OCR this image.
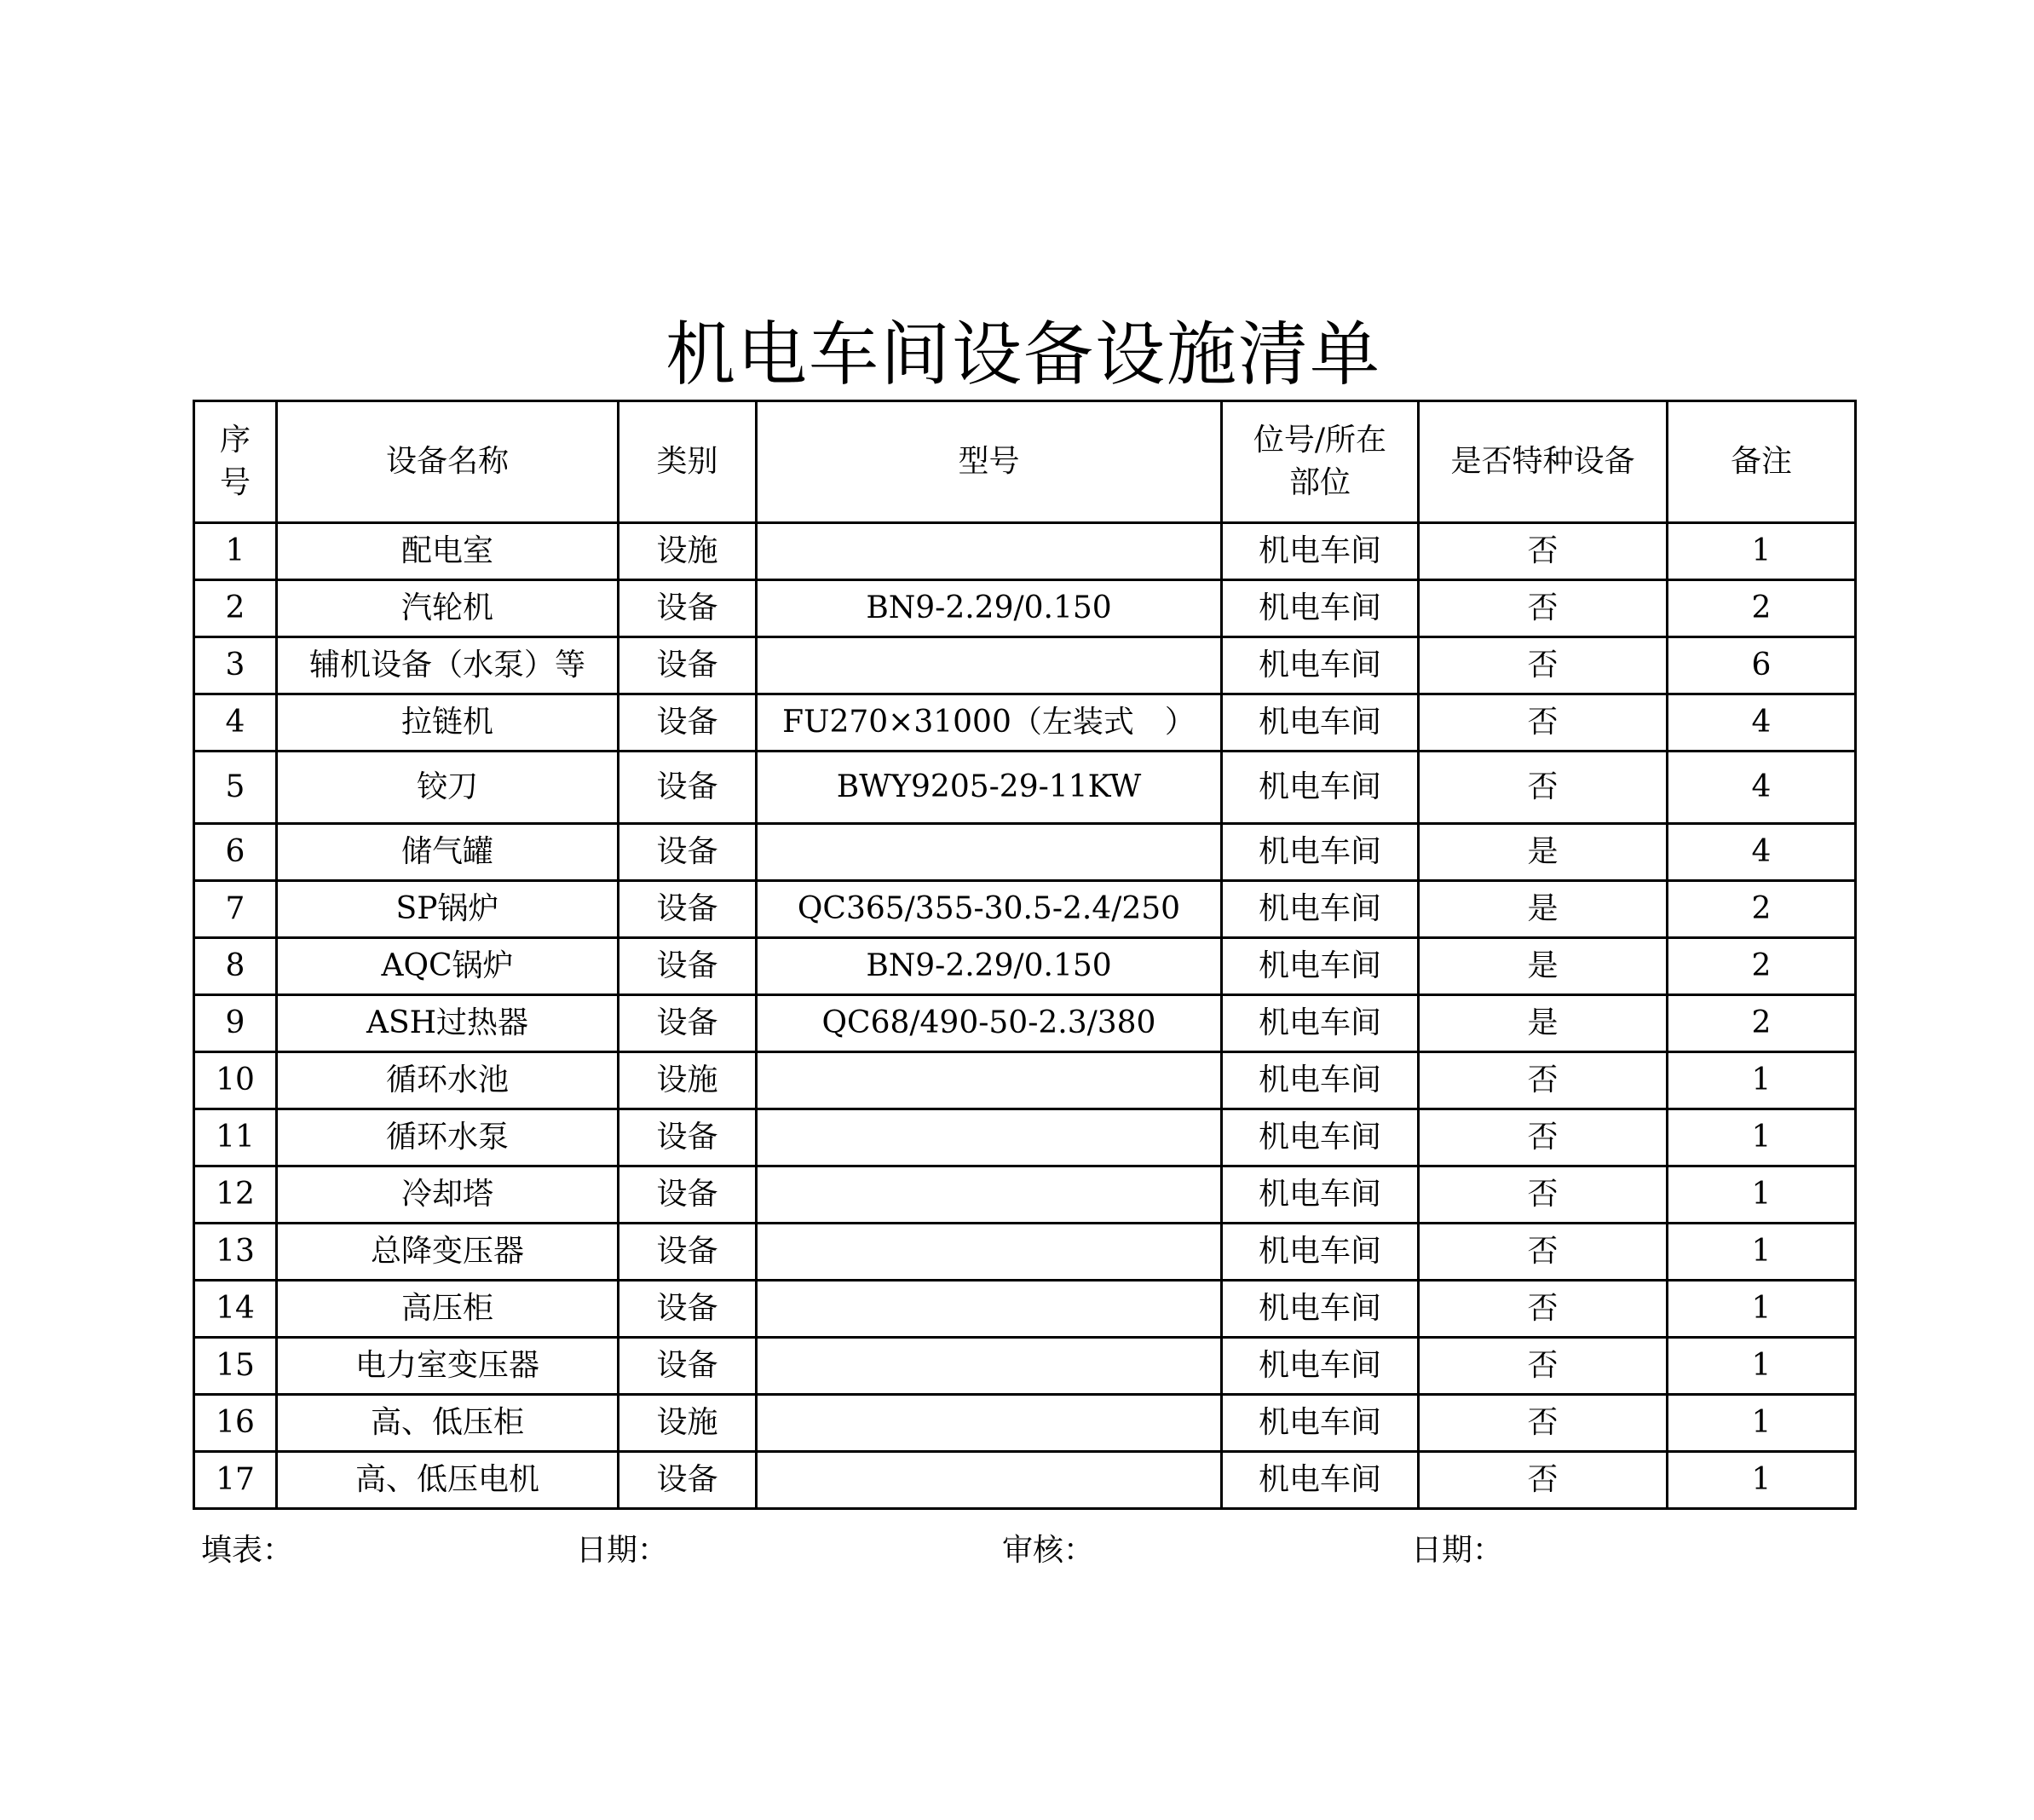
机电车间设备设施清单
序号	设备名称	类别	型号	位号/所在部位	是否特种设备	备注
1	配电室	设施		机电车间	否	1
2	汽轮机	设备	BN9-2.29/0.150	机电车间	否	2
3	辅机设备（水泵）等	设备		机电车间	否	6
4	拉链机	设备	FU270×31000（左装式　）	机电车间	否	4
5	铰刀	设备	BWY9205-29-11KW	机电车间	否	4
6	储气罐	设备		机电车间	是	4
7	SP锅炉	设备	QC365/355-30.5-2.4/250	机电车间	是	2
8	AQC锅炉	设备	BN9-2.29/0.150	机电车间	是	2
9	ASH过热器	设备	QC68/490-50-2.3/380	机电车间	是	2
10	循环水池	设施		机电车间	否	1
11	循环水泵	设备		机电车间	否	1
12	冷却塔	设备		机电车间	否	1
13	总降变压器	设备		机电车间	否	1
14	高压柜	设备		机电车间	否	1
15	电力室变压器	设备		机电车间	否	1
16	高、低压柜	设施		机电车间	否	1
17	高、低压电机	设备		机电车间	否	1
填表：	日期：	审核：	日期：
